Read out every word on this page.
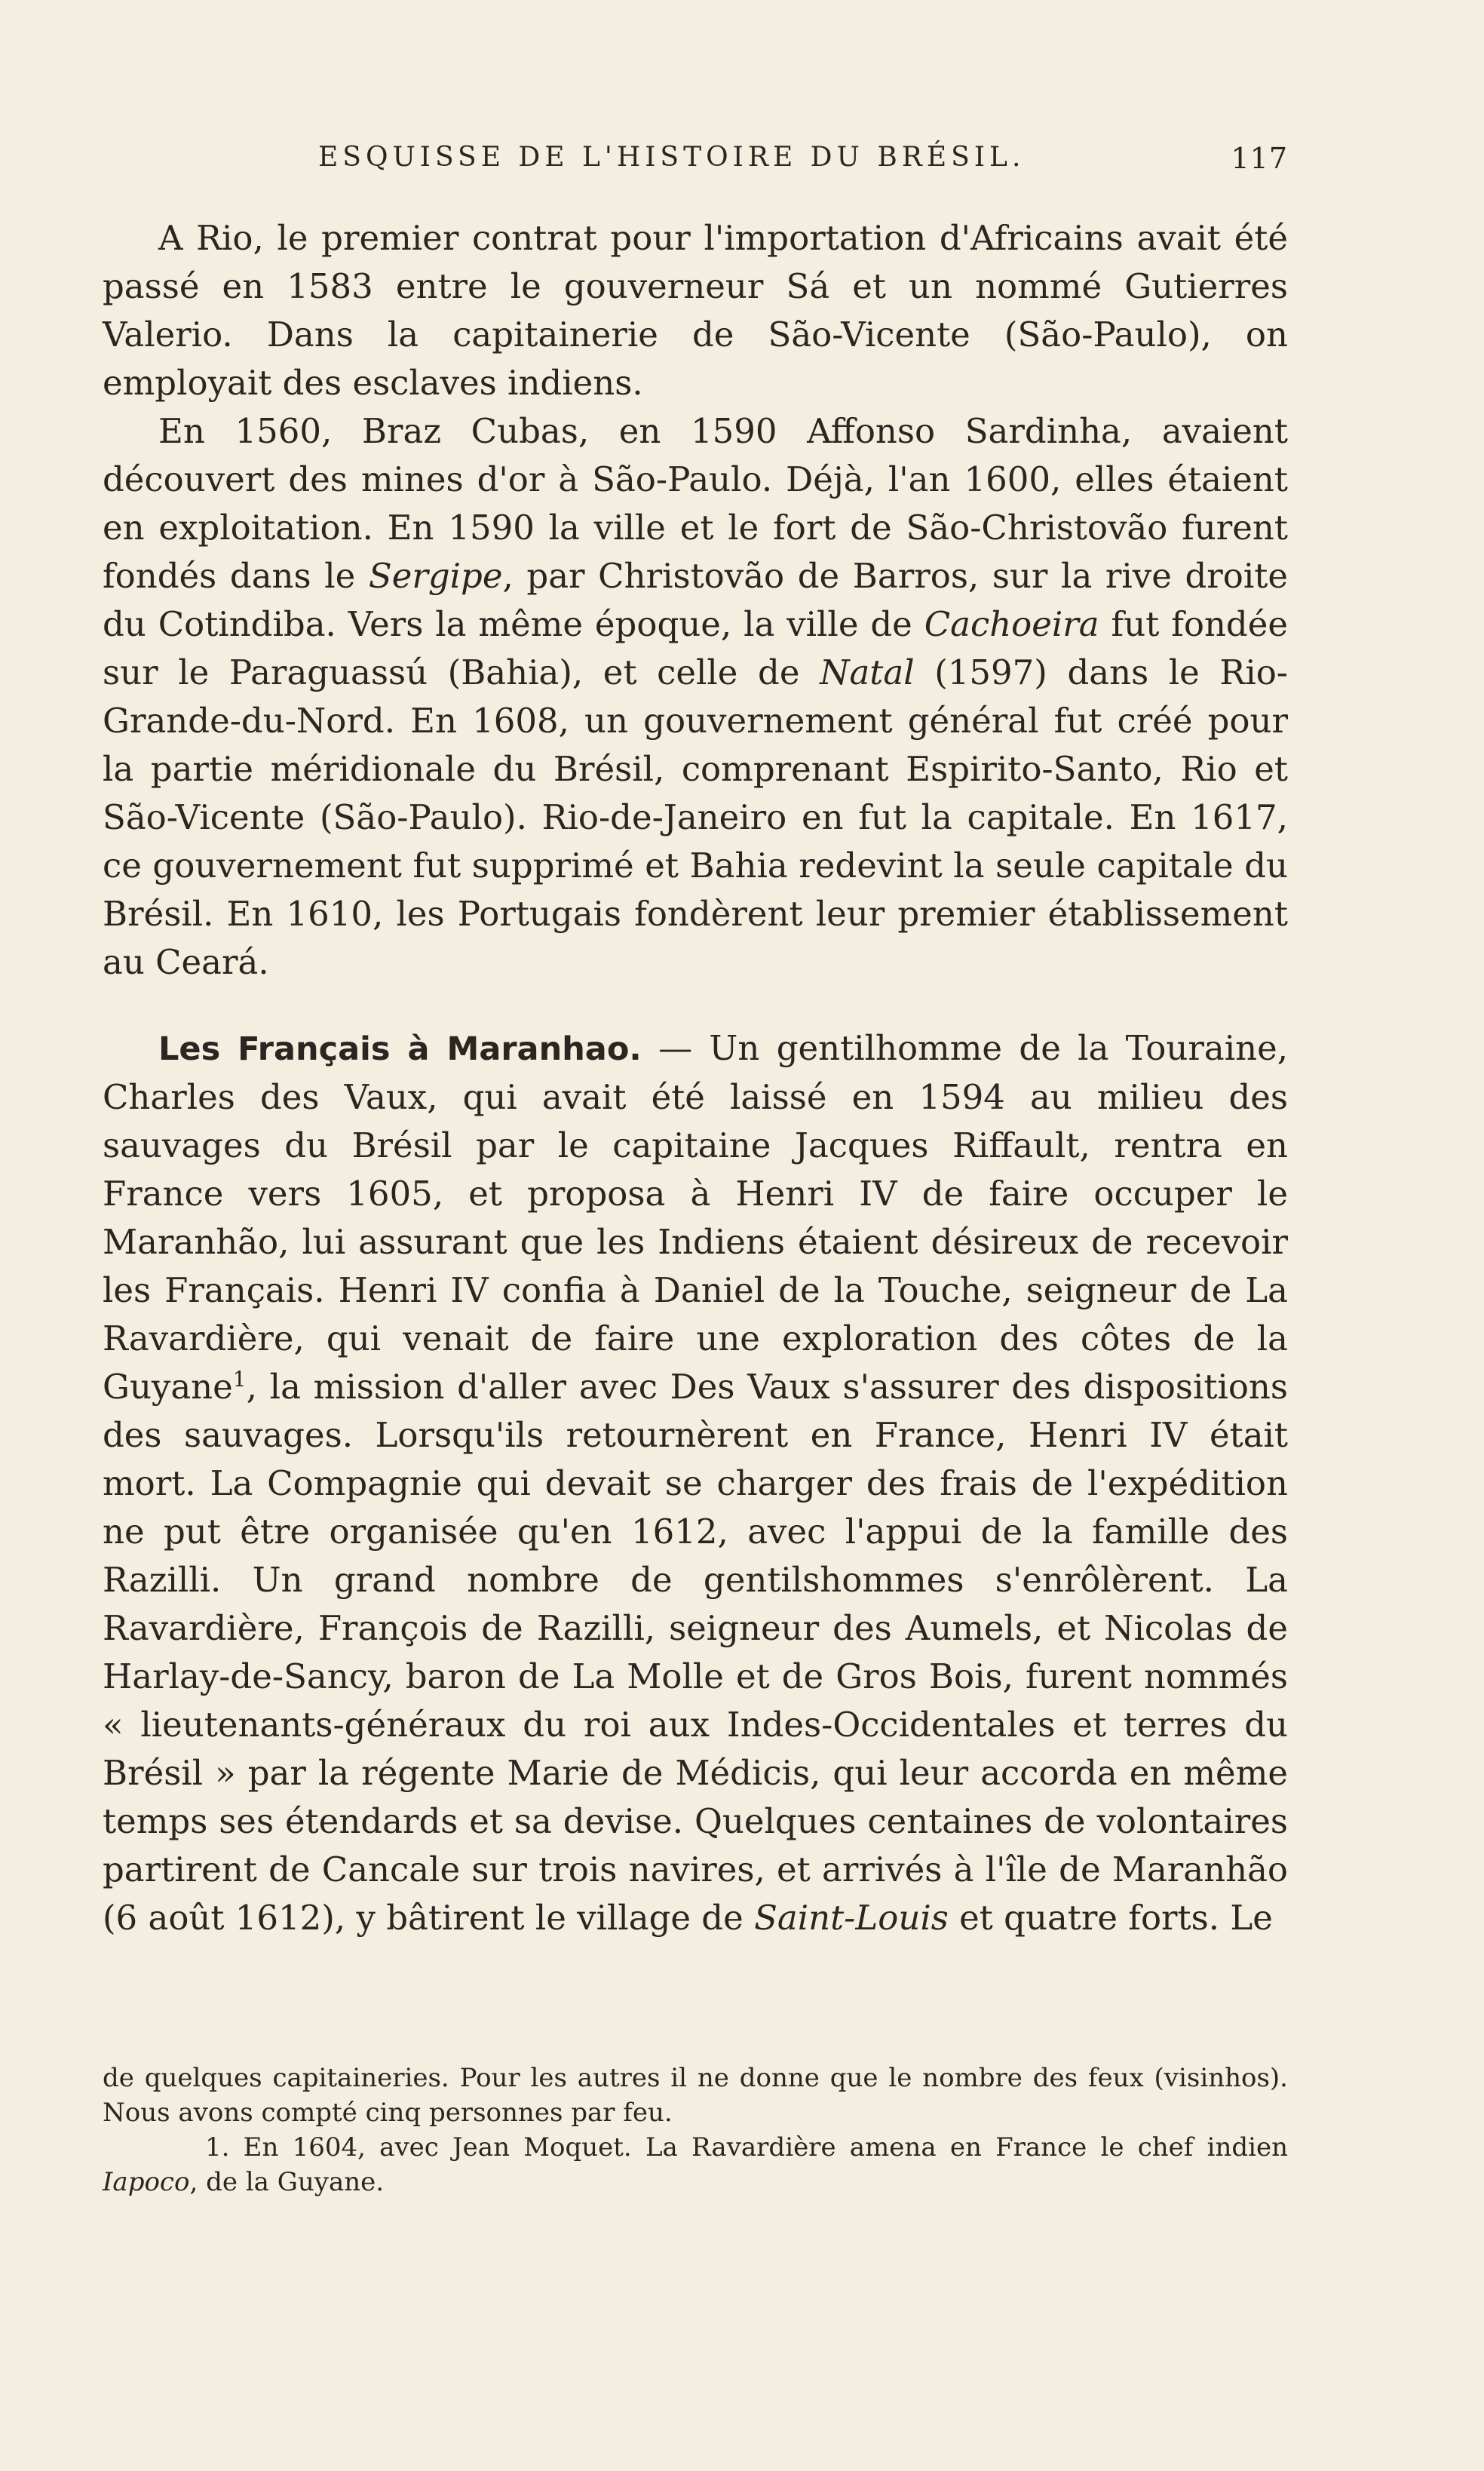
ESQUISSE DE L'HISTOIRE DU BRÉSIL.	117

A Rio, le premier contrat pour l'importation d'Africains avait été passé en 1583 entre le gouverneur Sá et un nommé Gutierres Valerio. Dans la capitainerie de São-Vicente (São-Paulo), on employait des esclaves indiens.

En 1560, Braz Cubas, en 1590 Affonso Sardinha, avaient découvert des mines d'or à São-Paulo. Déjà, l'an 1600, elles étaient en exploitation. En 1590 la ville et le fort de São-Christovão furent fondés dans le Sergipe, par Christovão de Barros, sur la rive droite du Cotindiba. Vers la même époque, la ville de Cachoeira fut fondée sur le Paraguassú (Bahia), et celle de Natal (1597) dans le Rio-Grande-du-Nord. En 1608, un gouvernement général fut créé pour la partie méridionale du Brésil, comprenant Espirito-Santo, Rio et São-Vicente (São-Paulo). Rio-de-Janeiro en fut la capitale. En 1617, ce gouvernement fut supprimé et Bahia redevint la seule capitale du Brésil. En 1610, les Portugais fondèrent leur premier établissement au Ceará.

Les Français à Maranhao. — Un gentilhomme de la Touraine, Charles des Vaux, qui avait été laissé en 1594 au milieu des sauvages du Brésil par le capitaine Jacques Riffault, rentra en France vers 1605, et proposa à Henri IV de faire occuper le Maranhão, lui assurant que les Indiens étaient désireux de recevoir les Français. Henri IV confia à Daniel de la Touche, seigneur de La Ravardière, qui venait de faire une exploration des côtes de la Guyane$^1$, la mission d'aller avec Des Vaux s'assurer des dispositions des sauvages. Lorsqu'ils retournèrent en France, Henri IV était mort. La Compagnie qui devait se charger des frais de l'expédition ne put être organisée qu'en 1612, avec l'appui de la famille des Razilli. Un grand nombre de gentilshommes s'enrôlèrent. La Ravardière, François de Razilli, seigneur des Aumels, et Nicolas de Harlay-de-Sancy, baron de La Molle et de Gros Bois, furent nommés « lieutenants-généraux du roi aux Indes-Occidentales et terres du Brésil » par la régente Marie de Médicis, qui leur accorda en même temps ses étendards et sa devise. Quelques centaines de volontaires partirent de Cancale sur trois navires, et arrivés à l'île de Maranhão (6 août 1612), y bâtirent le village de Saint-Louis et quatre forts. Le

de quelques capitaineries. Pour les autres il ne donne que le nombre des feux (visinhos). Nous avons compté cinq personnes par feu.

1. En 1604, avec Jean Moquet. La Ravardière amena en France le chef indien Iapoco, de la Guyane.
